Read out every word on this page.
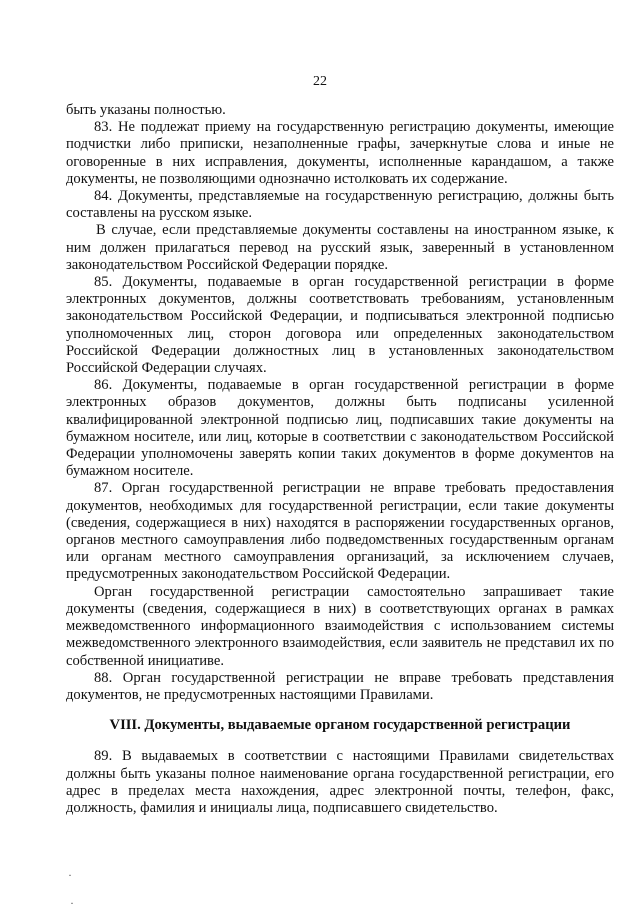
22

быть указаны полностью.

83. Не подлежат приему на государственную регистрацию документы, имеющие подчистки либо приписки, незаполненные графы, зачеркнутые слова и иные не оговоренные в них исправления, документы, исполненные карандашом, а также документы, не позволяющими однозначно истолковать их содержание.

84. Документы, представляемые на государственную регистрацию, должны быть составлены на русском языке.

В случае, если представляемые документы составлены на иностранном языке, к ним должен прилагаться перевод на русский язык, заверенный в установленном законодательством Российской Федерации порядке.

85. Документы, подаваемые в орган государственной регистрации в форме электронных документов, должны соответствовать требованиям, установленным законодательством Российской Федерации, и подписываться электронной подписью уполномоченных лиц, сторон договора или определенных законодательством Российской Федерации должностных лиц в установленных законодательством Российской Федерации случаях.

86. Документы, подаваемые в орган государственной регистрации в форме электронных образов документов, должны быть подписаны усиленной квалифицированной электронной подписью лиц, подписавших такие документы на бумажном носителе, или лиц, которые в соответствии с законодательством Российской Федерации уполномочены заверять копии таких документов в форме документов на бумажном носителе.

87. Орган государственной регистрации не вправе требовать предоставления документов, необходимых для государственной регистрации, если такие документы (сведения, содержащиеся в них) находятся в распоряжении государственных органов, органов местного самоуправления либо подведомственных государственным органам или органам местного самоуправления организаций, за исключением случаев, предусмотренных законодательством Российской Федерации.

Орган государственной регистрации самостоятельно запрашивает такие документы (сведения, содержащиеся в них) в соответствующих органах в рамках межведомственного информационного взаимодействия с использованием системы межведомственного электронного взаимодействия, если заявитель не представил их по собственной инициативе.

88. Орган государственной регистрации не вправе требовать представления документов, не предусмотренных настоящими Правилами.

VIII. Документы, выдаваемые органом государственной регистрации

89. В выдаваемых в соответствии с настоящими Правилами свидетельствах должны быть указаны полное наименование органа государственной регистрации, его адрес в пределах места нахождения, адрес электронной почты, телефон, факс, должность, фамилия и инициалы лица, подписавшего свидетельство.

·
·
